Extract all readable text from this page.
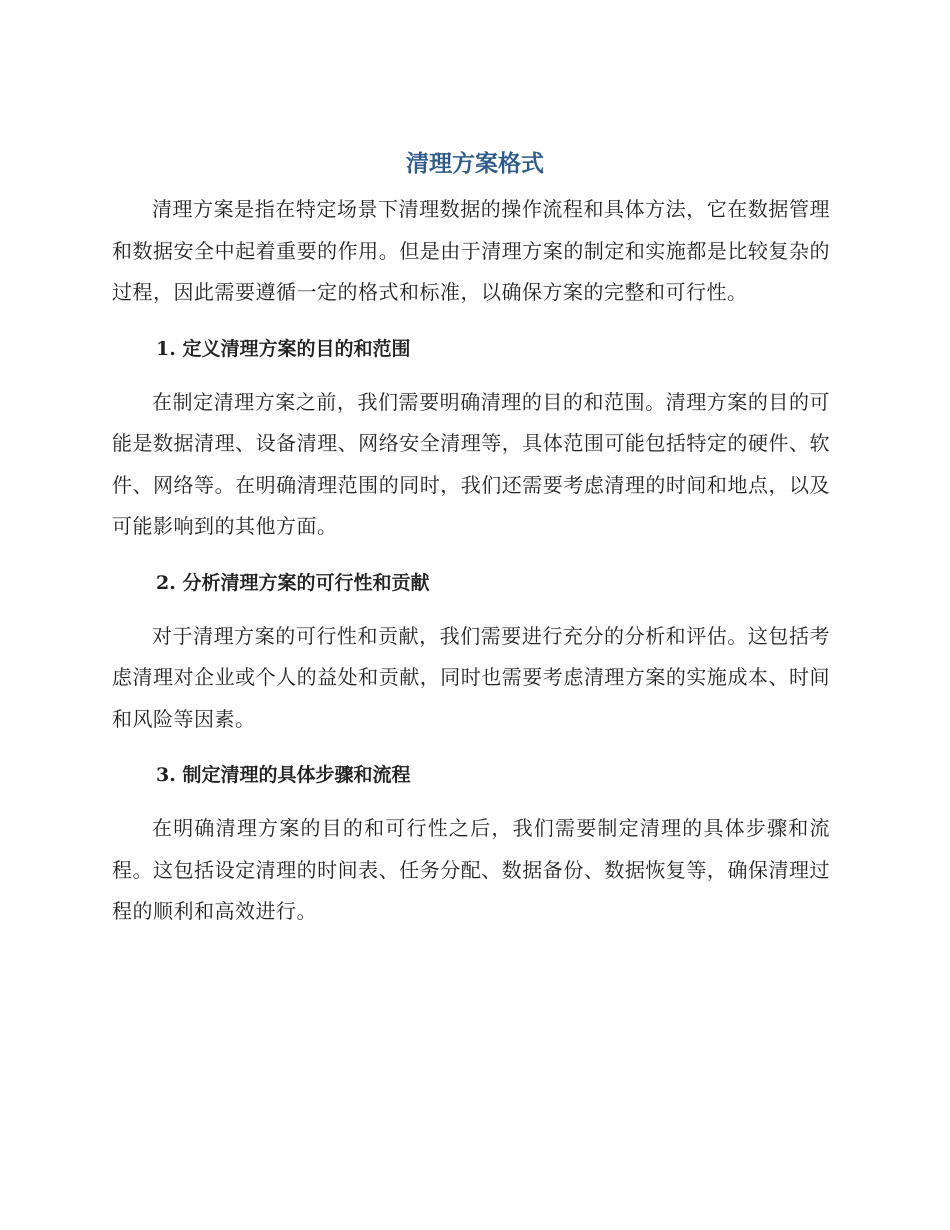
清理方案格式

清理方案是指在特定场景下清理数据的操作流程和具体方法，它在数据管理和数据安全中起着重要的作用。但是由于清理方案的制定和实施都是比较复杂的过程，因此需要遵循一定的格式和标准，以确保方案的完整和可行性。

1. 定义清理方案的目的和范围

在制定清理方案之前，我们需要明确清理的目的和范围。清理方案的目的可能是数据清理、设备清理、网络安全清理等，具体范围可能包括特定的硬件、软件、网络等。在明确清理范围的同时，我们还需要考虑清理的时间和地点，以及可能影响到的其他方面。

2. 分析清理方案的可行性和贡献

对于清理方案的可行性和贡献，我们需要进行充分的分析和评估。这包括考虑清理对企业或个人的益处和贡献，同时也需要考虑清理方案的实施成本、时间和风险等因素。

3. 制定清理的具体步骤和流程

在明确清理方案的目的和可行性之后，我们需要制定清理的具体步骤和流程。这包括设定清理的时间表、任务分配、数据备份、数据恢复等，确保清理过程的顺利和高效进行。
